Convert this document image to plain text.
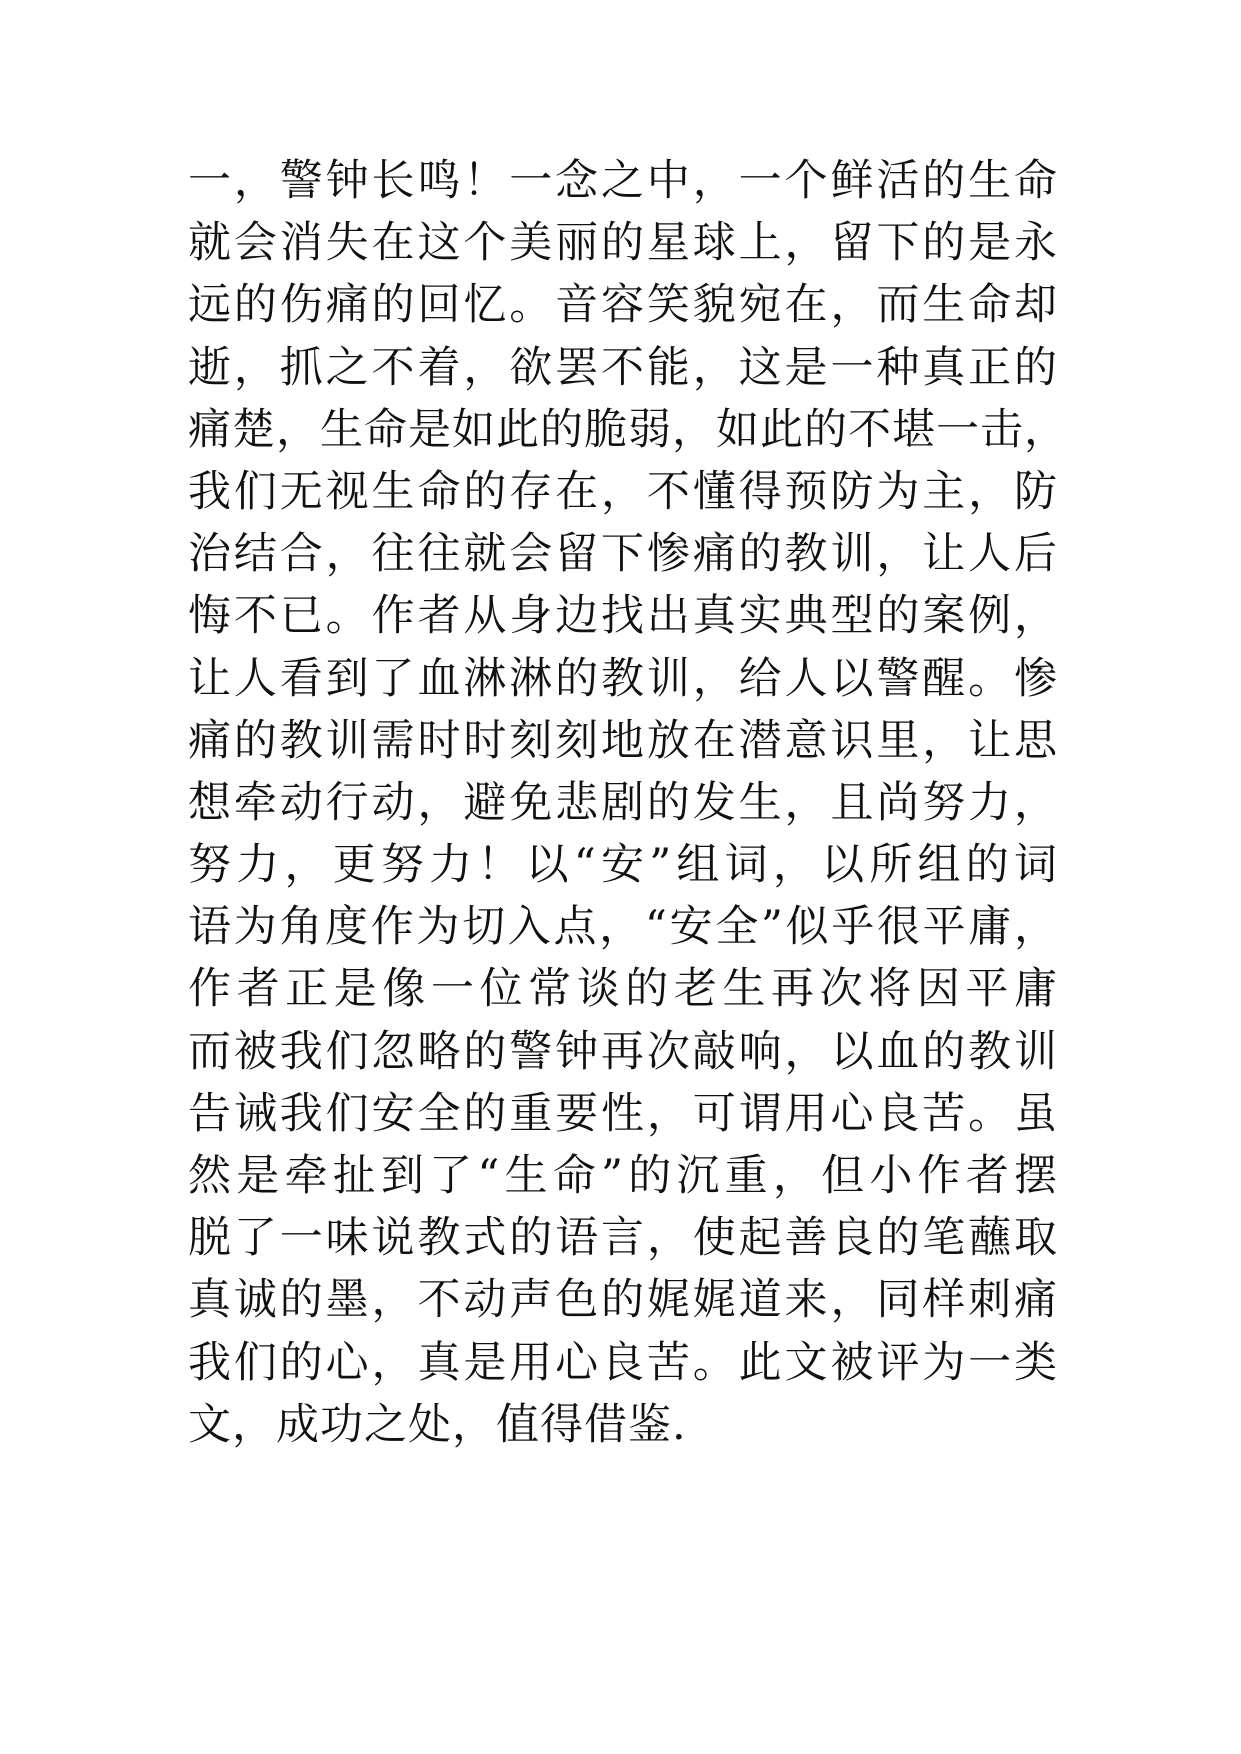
一，警钟长鸣！一念之中，一个鲜活的生命
就会消失在这个美丽的星球上，留下的是永
远的伤痛的回忆。音容笑貌宛在，而生命却
逝，抓之不着，欲罢不能，这是一种真正的
痛楚，生命是如此的脆弱，如此的不堪一击，
我们无视生命的存在，不懂得预防为主，防
治结合，往往就会留下惨痛的教训，让人后
悔不已。作者从身边找出真实典型的案例，
让人看到了血淋淋的教训，给人以警醒。惨
痛的教训需时时刻刻地放在潜意识里，让思
想牵动行动，避免悲剧的发生，且尚努力，
努力，更努力！以“安”组词，以所组的词
语为角度作为切入点，“安全”似乎很平庸，
作者正是像一位常谈的老生再次将因平庸
而被我们忽略的警钟再次敲响，以血的教训
告诫我们安全的重要性，可谓用心良苦。虽
然是牵扯到了“生命”的沉重，但小作者摆
脱了一味说教式的语言，使起善良的笔蘸取
真诚的墨，不动声色的娓娓道来，同样刺痛
我们的心，真是用心良苦。此文被评为一类
文，成功之处，值得借鉴.
